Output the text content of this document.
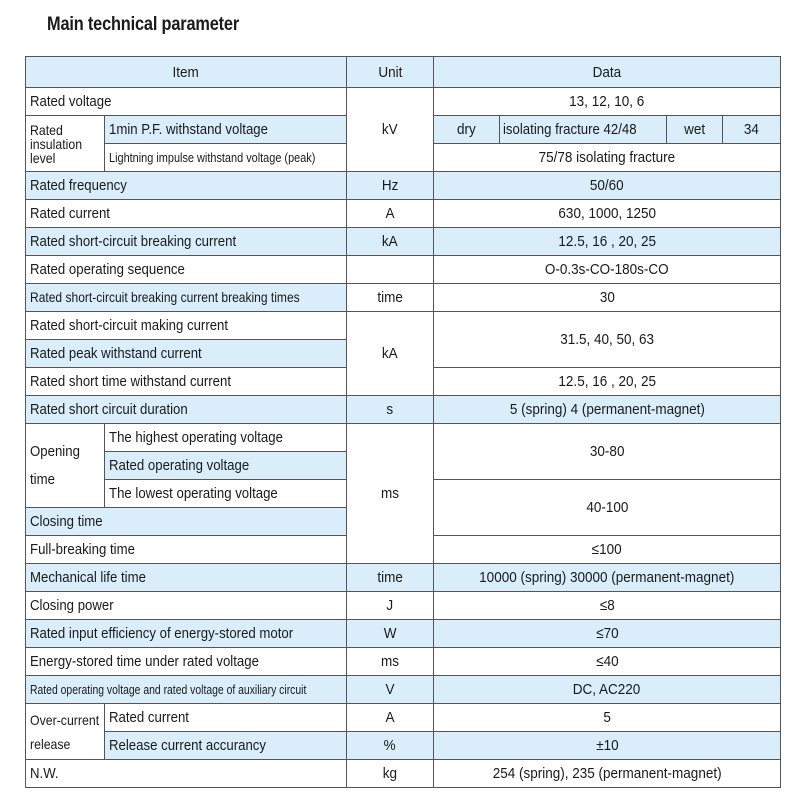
Main technical parameter
Item		Unit	Data			
Rated voltage		kV	13, 12, 10, 6			

Rated insulation level	1min P.F. withstand voltage		dry	isolating fracture 42/48	wet	34
	Lightning impulse withstand voltage (peak)		75/78 isolating fracture			
Rated frequency		Hz	50/60			
Rated current		A	630, 1000, 1250			
Rated short-circuit breaking current		kA	12.5, 16 , 20, 25			
Rated operating sequence			O-0.3s-CO-180s-CO			
Rated short-circuit breaking current breaking times		time	30			
Rated short-circuit making current		kA	31.5, 40, 50, 63			
Rated peak withstand current						
Rated short time withstand current			12.5, 16 , 20, 25			
Rated short circuit duration		s	5 (spring) 4 (permanent-magnet)			

Opening time	The highest operating voltage	ms	30-80			
	Rated operating voltage					
	The lowest operating voltage		40-100			
Closing time						
Full-breaking time			≤100			
Mechanical life time		time	10000 (spring) 30000 (permanent-magnet)			
Closing power		J	≤8			
Rated input efficiency of energy-stored motor		W	≤70			
Energy-stored time under rated voltage		ms	≤40			
Rated operating voltage and rated voltage of auxiliary circuit		V	DC, AC220			

Over-current release	Rated current	A	5			
	Release current accurancy	%	±10			
N.W.		kg	254 (spring), 235 (permanent-magnet)			
